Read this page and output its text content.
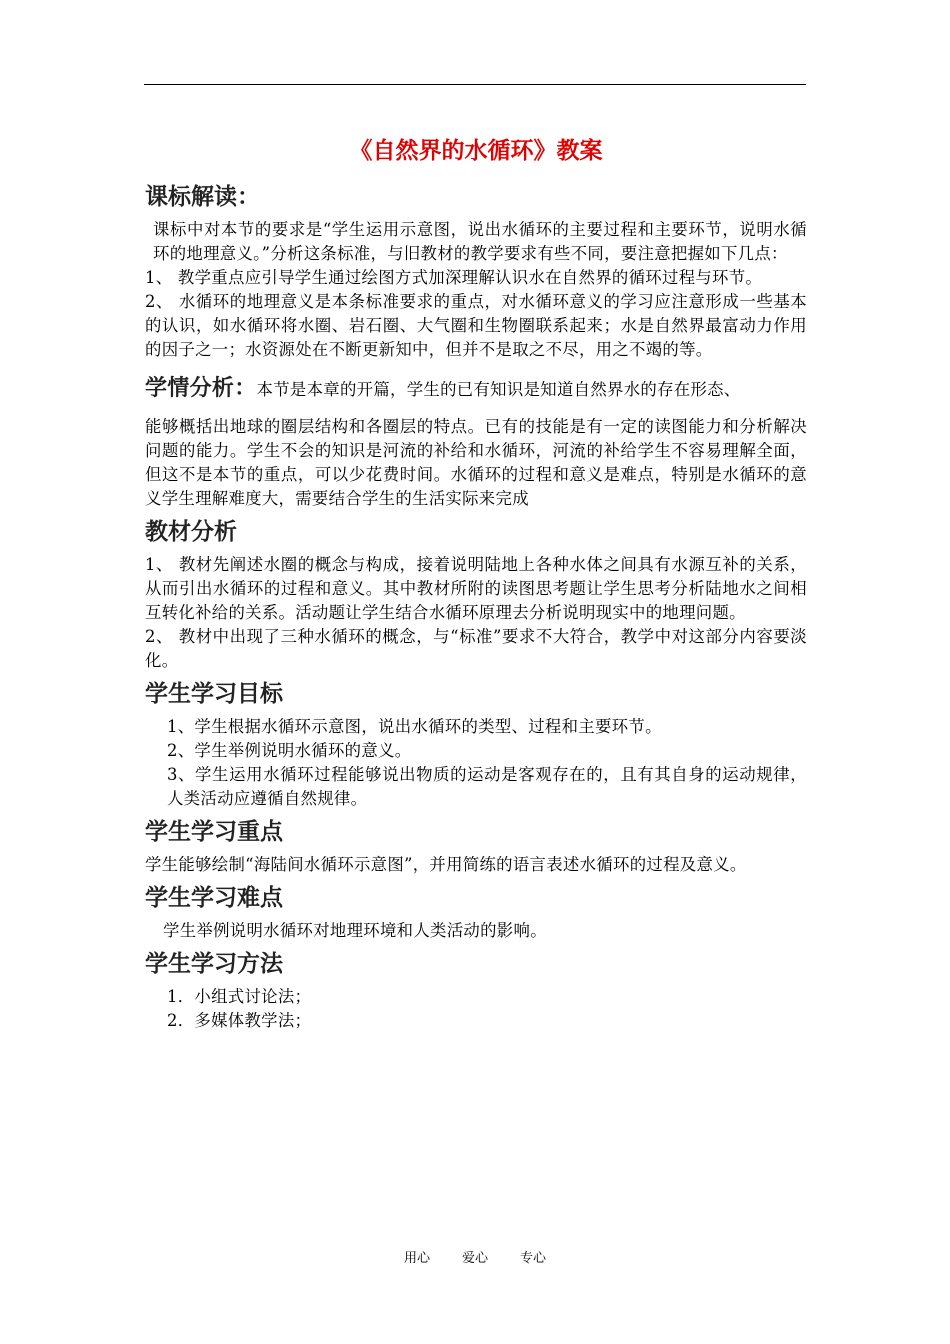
《自然界的水循环》教案
课标解读：

课标中对本节的要求是“学生运用示意图，说出水循环的主要过程和主要环节，说明水循环的地理意义。”分析这条标准，与旧教材的教学要求有些不同，要注意把握如下几点：

1、 教学重点应引导学生通过绘图方式加深理解认识水在自然界的循环过程与环节。

2、 水循环的地理意义是本条标准要求的重点，对水循环意义的学习应注意形成一些基本的认识，如水循环将水圈、岩石圈、大气圈和生物圈联系起来；水是自然界最富动力作用的因子之一；水资源处在不断更新知中，但并不是取之不尽，用之不竭的等。

学情分析：本节是本章的开篇，学生的已有知识是知道自然界水的存在形态、

能够概括出地球的圈层结构和各圈层的特点。已有的技能是有一定的读图能力和分析解决问题的能力。学生不会的知识是河流的补给和水循环，河流的补给学生不容易理解全面，但这不是本节的重点，可以少花费时间。水循环的过程和意义是难点，特别是水循环的意义学生理解难度大，需要结合学生的生活实际来完成

教材分析

1、 教材先阐述水圈的概念与构成，接着说明陆地上各种水体之间具有水源互补的关系，从而引出水循环的过程和意义。其中教材所附的读图思考题让学生思考分析陆地水之间相互转化补给的关系。活动题让学生结合水循环原理去分析说明现实中的地理问题。

2、 教材中出现了三种水循环的概念，与“标准”要求不大符合，教学中对这部分内容要淡化。

学生学习目标

1、学生根据水循环示意图，说出水循环的类型、过程和主要环节。

2、学生举例说明水循环的意义。

3、学生运用水循环过程能够说出物质的运动是客观存在的，且有其自身的运动规律，人类活动应遵循自然规律。

学生学习重点

学生能够绘制“海陆间水循环示意图”，并用简练的语言表述水循环的过程及意义。

学生学习难点

学生举例说明水循环对地理环境和人类活动的影响。

学生学习方法

1．小组式讨论法；

2．多媒体教学法；

用心 爱心 专心
